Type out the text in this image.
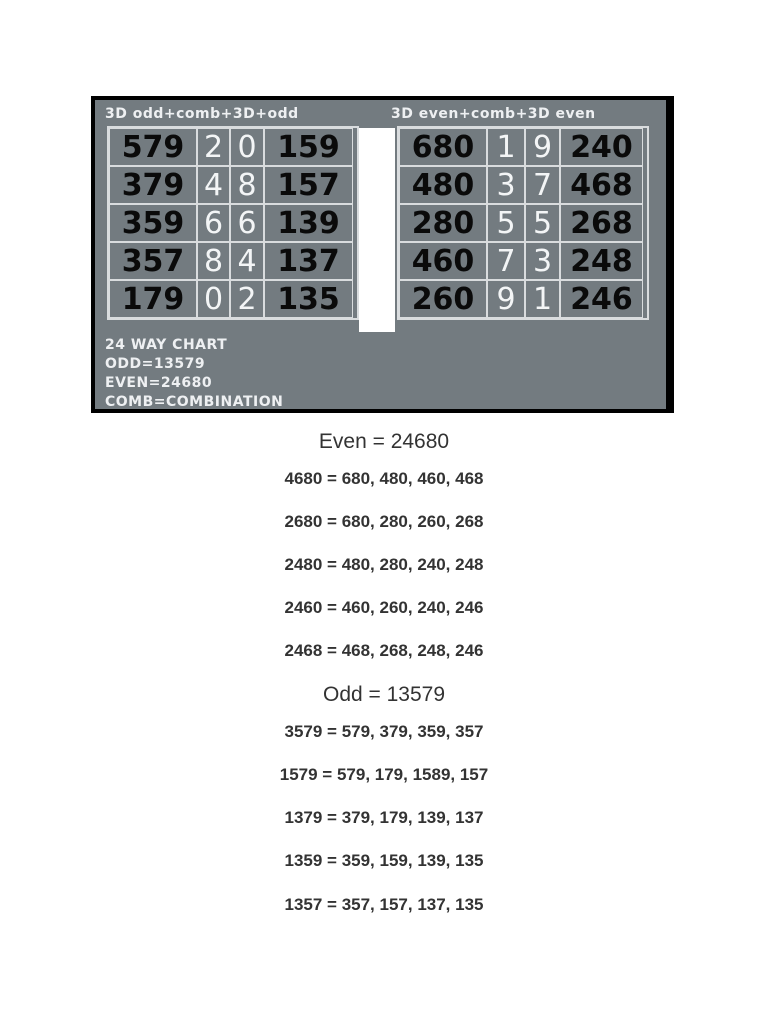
3D odd+comb+3D+odd	3D even+comb+3D even
579 2 0 159
379 4 8 157
359 6 6 139
357 8 4 137
179 0 2 135
680 1 9 240
480 3 7 468
280 5 5 268
460 7 3 248
260 9 1 246
24 WAY CHART
ODD=13579
EVEN=24680
COMB=COMBINATION
Even = 24680
4680 = 680, 480, 460, 468
2680 = 680, 280, 260, 268
2480 = 480, 280, 240, 248
2460 = 460, 260, 240, 246
2468 = 468, 268, 248, 246
Odd = 13579
3579 = 579, 379, 359, 357
1579 = 579, 179, 1589, 157
1379 = 379, 179, 139, 137
1359 = 359, 159, 139, 135
1357 = 357, 157, 137, 135
